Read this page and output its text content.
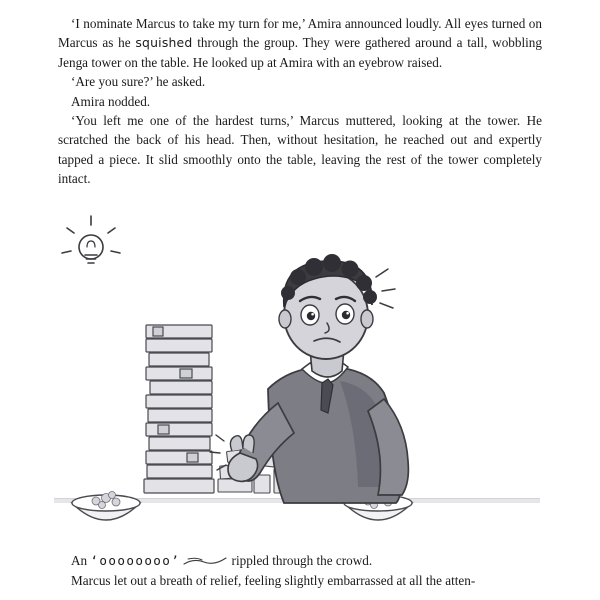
‘I nominate Marcus to take my turn for me,’ Amira announced loudly. All eyes turned on Marcus as he squished through the group. They were gathered around a tall, wobbling Jenga tower on the table. He looked up at Amira with an eyebrow raised.

‘Are you sure?’ he asked.

Amira nodded.

‘You left me one of the hardest turns,’ Marcus muttered, looking at the tower. He scratched the back of his head. Then, without hesitation, he reached out and expertly tapped a piece. It slid smoothly onto the table, leaving the rest of the tower completely intact.

An ‘oooooooo’	rippled through the crowd.

Marcus let out a breath of relief, feeling slightly embarrassed at all the atten-
